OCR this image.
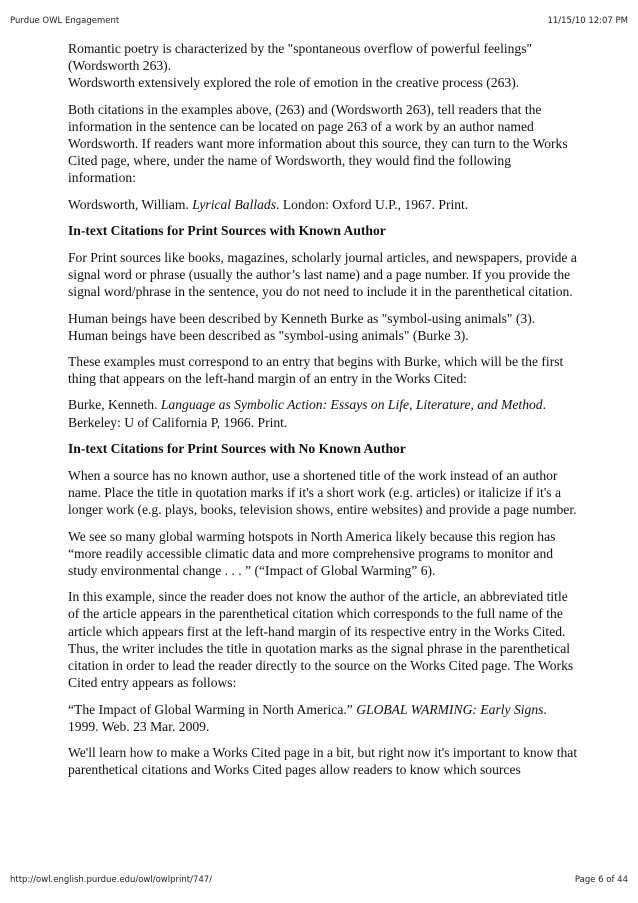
Purdue OWL Engagement	11/15/10 12:07 PM

Romantic poetry is characterized by the "spontaneous overflow of powerful feelings" (Wordsworth 263).
Wordsworth extensively explored the role of emotion in the creative process (263).

Both citations in the examples above, (263) and (Wordsworth 263), tell readers that the information in the sentence can be located on page 263 of a work by an author named Wordsworth. If readers want more information about this source, they can turn to the Works Cited page, where, under the name of Wordsworth, they would find the following information:

Wordsworth, William. Lyrical Ballads. London: Oxford U.P., 1967. Print.

In-text Citations for Print Sources with Known Author

For Print sources like books, magazines, scholarly journal articles, and newspapers, provide a signal word or phrase (usually the author’s last name) and a page number. If you provide the signal word/phrase in the sentence, you do not need to include it in the parenthetical citation.

Human beings have been described by Kenneth Burke as "symbol-using animals" (3).
Human beings have been described as "symbol-using animals" (Burke 3).

These examples must correspond to an entry that begins with Burke, which will be the first thing that appears on the left-hand margin of an entry in the Works Cited:

Burke, Kenneth. Language as Symbolic Action: Essays on Life, Literature, and Method. Berkeley: U of California P, 1966. Print.

In-text Citations for Print Sources with No Known Author

When a source has no known author, use a shortened title of the work instead of an author name. Place the title in quotation marks if it's a short work (e.g. articles) or italicize if it's a longer work (e.g. plays, books, television shows, entire websites) and provide a page number.

We see so many global warming hotspots in North America likely because this region has “more readily accessible climatic data and more comprehensive programs to monitor and study environmental change . . . ” (“Impact of Global Warming” 6).

In this example, since the reader does not know the author of the article, an abbreviated title of the article appears in the parenthetical citation which corresponds to the full name of the article which appears first at the left-hand margin of its respective entry in the Works Cited. Thus, the writer includes the title in quotation marks as the signal phrase in the parenthetical citation in order to lead the reader directly to the source on the Works Cited page. The Works Cited entry appears as follows:

“The Impact of Global Warming in North America.” GLOBAL WARMING: Early Signs. 1999. Web. 23 Mar. 2009.

We'll learn how to make a Works Cited page in a bit, but right now it's important to know that parenthetical citations and Works Cited pages allow readers to know which sources

http://owl.english.purdue.edu/owl/owlprint/747/	Page 6 of 44
